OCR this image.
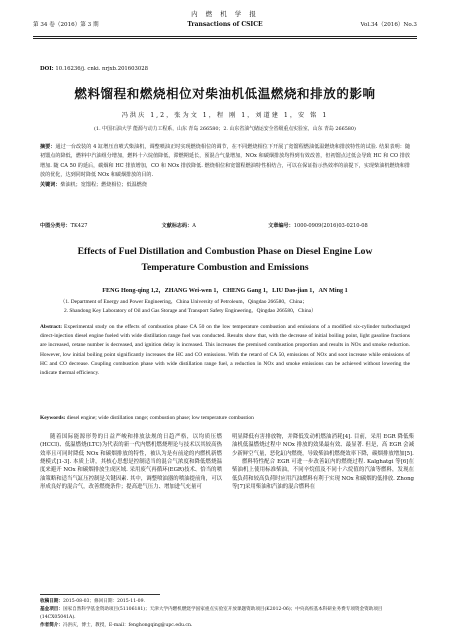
第 34 卷（2016）第 3 期
内 燃 机 学 报
Transactions of CSICE	Vol.34（2016）No.3
DOI: 10.16236/j. cnki. nrjxb.201603028
燃料馏程和燃烧相位对柴油机低温燃烧和排放的影响
冯洪庆 1,2，张为文 1，程 刚 1，刘道建 1，安 铭 1
(1. 中国石油大学 能源与动力工程系，山东 青岛 266580；2. 山东省油气储运安全省级重点实验室，山东 青岛 266580)
摘要：通过一台改装的 4 缸增压直喷式柴油机，调整喷油正时实现燃烧相位的调节，在不同燃烧相位下开展了宽馏程燃油低温燃烧和排放特性的试验. 结果表明：随初馏点的降低，燃料中汽油组分增加，燃料十六烷值降低，滞燃期延长，预混合气量增加，NOx 和碳烟排放均得到有效改善，但初馏点过低会导致 HC 和 CO 排放增加. 随 CA 50 的延后，碳烟和 HC 排放增加，CO 和 NOx 排放降低. 燃烧相位和宽馏程燃油特性相结合，可以在保证指示热效率的前提下，实现柴油机燃烧和排放的优化，达到同时降低 NOx 和碳烟排放的目的.
关键词：柴油机；宽馏程；燃烧相位；低温燃烧
中图分类号：TK427	文献标志码：A	文章编号：1000-0909(2016)03-0210-08
Effects of Fuel Distillation and Combustion Phase on Diesel Engine Low
Temperature Combustion and Emissions
FENG Hong-qing 1,2，ZHANG Wei-wen 1，CHENG Gang 1，LIU Dao-jian 1，AN Ming 1
（1. Department of Energy and Power Engineering，China University of Petroleum，Qingdao 266580，China；
2. Shandong Key Laboratory of Oil and Gas Storage and Transport Safety Engineering，Qingdao 266580，China）
Abstract: Experimental study on the effects of combustion phase CA 50 on the low temperature combustion and emissions of a modified six-cylinder turbocharged direct-injection diesel engine fueled with wide distillation range fuel was conducted. Results show that, with the decrease of initial boiling point, light gasoline fractions are increased, cetane number is decreased, and ignition delay is increased. This increases the premixed combustion proportion and results in NOx and smoke reduction. However, low initial boiling point significantly increases the HC and CO emissions. With the retard of CA 50, emissions of NOx and soot increase while emissions of HC and CO decrease. Coupling combustion phase with wide distillation range fuel, a reduction in NOx and smoke emissions can be achieved without lowering the indicate thermal efficiency.
Keywords: diesel engine; wide distillation range; combustion phase; low temperature combustion

随着国际能源形势的日益严峻和排放法规的日趋严格，以均质压燃(HCCI)、低温燃烧(LTC)为代表的新一代内燃机燃烧理论与技术以其较高热效率且可同时降低 NOx 和碳烟排放的特性，被认为是有前途的内燃机新燃烧模式[1-3]. 本质上讲，其核心思想是控制适当的混合气浓度和降低燃烧温度来避开 NOx 和碳烟排放生成区域. 采用废气再循环(EGR)技术、恰当的喷油策略和适当气缸压控制是关键因素. 其中，调整喷油器的喷油提前角，可以形成良好的混合气，改善燃烧条件；提高进气压力、增加进气充量可

明显降低有害排放物，并降低发动机燃油消耗[4]. 目前，采用 EGR 降低柴油机低温燃烧过程中 NOx 排放的效果最有效、最显著. 但是，高 EGR 会减少新鲜空气量，恶化缸内燃烧，导致柴油机燃烧效率下降，碳烟排放增加[5].

燃料特性配合 EGR 可进一步改善缸内的燃烧过程. Kalghatgi 等[6]在柴油机上使用标准柴油，不同辛烷值及不同十六烷值的汽油等燃料，发现在低负荷和较高负荷时应用汽油燃料有利于实现 NOx 和碳烟的低排放. Zhong 等[7]采用柴油和汽油的混合燃料在

收稿日期：2015-08-03；修回日期：2015-11-09.
基金项目：国家自然科学基金资助项目(51106181)；天津大学内燃机燃烧学国家重点实验室开放课题资助项目(K2012-06)；中央高校基本科研业务费专项资金资助项目(14CX05041A).
作者简介：冯洪庆，博士，教授，E-mail：fenghongqing@upc.edu.cn.
